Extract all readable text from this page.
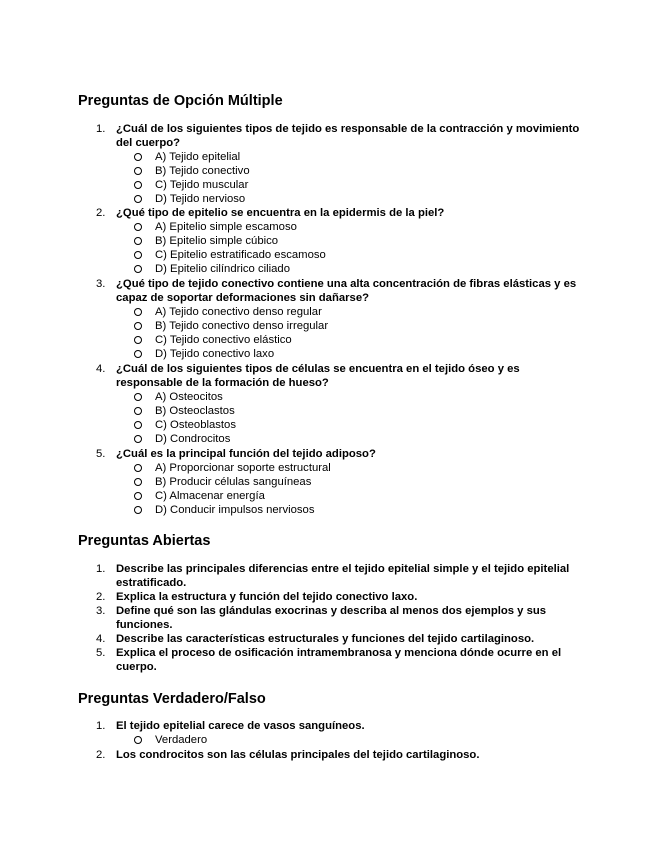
Preguntas de Opción Múltiple
1. ¿Cuál de los siguientes tipos de tejido es responsable de la contracción y movimiento del cuerpo?
A) Tejido epitelial
B) Tejido conectivo
C) Tejido muscular
D) Tejido nervioso
2. ¿Qué tipo de epitelio se encuentra en la epidermis de la piel?
A) Epitelio simple escamoso
B) Epitelio simple cúbico
C) Epitelio estratificado escamoso
D) Epitelio cilíndrico ciliado
3. ¿Qué tipo de tejido conectivo contiene una alta concentración de fibras elásticas y es capaz de soportar deformaciones sin dañarse?
A) Tejido conectivo denso regular
B) Tejido conectivo denso irregular
C) Tejido conectivo elástico
D) Tejido conectivo laxo
4. ¿Cuál de los siguientes tipos de células se encuentra en el tejido óseo y es responsable de la formación de hueso?
A) Osteocitos
B) Osteoclastos
C) Osteoblastos
D) Condrocitos
5. ¿Cuál es la principal función del tejido adiposo?
A) Proporcionar soporte estructural
B) Producir células sanguíneas
C) Almacenar energía
D) Conducir impulsos nerviosos
Preguntas Abiertas
1. Describe las principales diferencias entre el tejido epitelial simple y el tejido epitelial estratificado.
2. Explica la estructura y función del tejido conectivo laxo.
3. Define qué son las glándulas exocrinas y describa al menos dos ejemplos y sus funciones.
4. Describe las características estructurales y funciones del tejido cartilaginoso.
5. Explica el proceso de osificación intramembranosa y menciona dónde ocurre en el cuerpo.
Preguntas Verdadero/Falso
1. El tejido epitelial carece de vasos sanguíneos.
Verdadero
2. Los condrocitos son las células principales del tejido cartilaginoso.
